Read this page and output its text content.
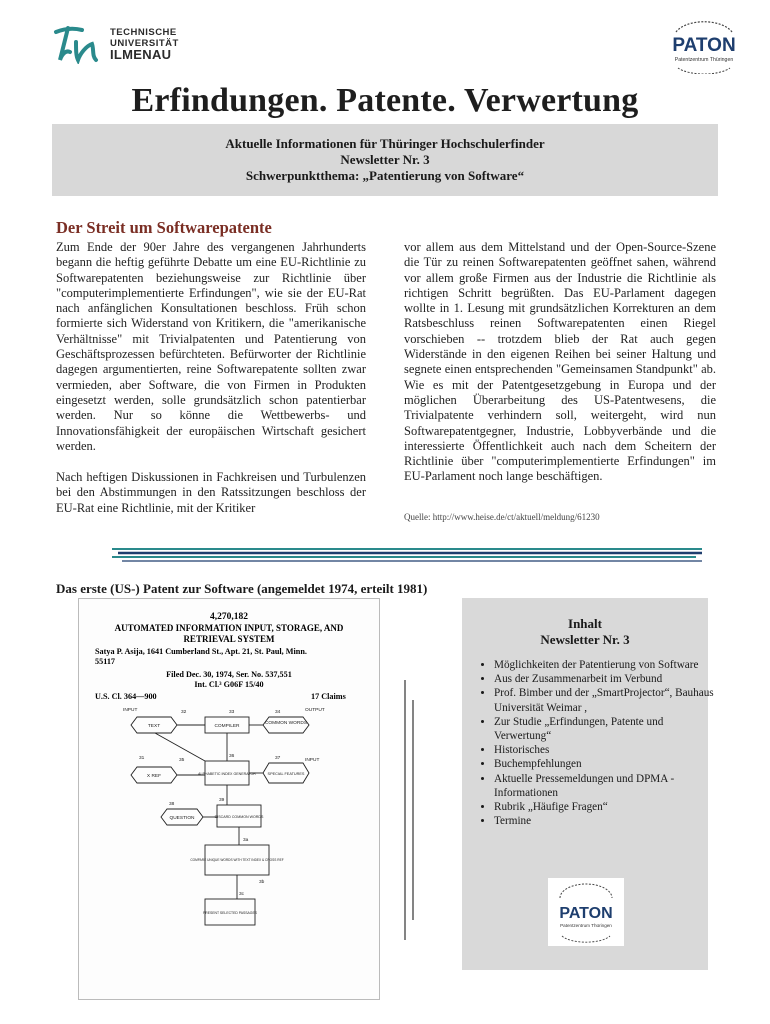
TECHNISCHE
UNIVERSITÄT
ILMENAU	PATON
Patentzentrum Thüringen
Erfindungen. Patente. Verwertung
Aktuelle Informationen für Thüringer Hochschulerfinder
Newsletter Nr. 3
Schwerpunktthema: „Patentierung von Software“
Der Streit um Softwarepatente

Zum Ende der 90er Jahre des vergangenen Jahrhunderts begann die heftig geführte Debatte um eine EU-Richtlinie zu Softwarepatenten beziehungsweise zur Richtlinie über "computerimplementierte Erfindungen", wie sie der EU-Rat nach anfänglichen Konsultationen beschloss. Früh schon formierte sich Widerstand von Kritikern, die "amerikanische Verhältnisse" mit Trivialpatenten und Patentierung von Geschäftsprozessen befürchteten. Befürworter der Richtlinie dagegen argumentierten, reine Softwarepatente sollten zwar vermieden, aber Software, die von Firmen in Produkten eingesetzt werden, solle grundsätzlich schon patentierbar werden. Nur so könne die Wettbewerbs- und Innovationsfähigkeit der europäischen Wirtschaft gesichert werden.

Nach heftigen Diskussionen in Fachkreisen und Turbulenzen bei den Abstimmungen in den Ratssitzungen beschloss der EU-Rat eine Richtlinie, mit der Kritiker

vor allem aus dem Mittelstand und der Open-Source-Szene die Tür zu reinen Softwarepatenten geöffnet sahen, während vor allem große Firmen aus der Industrie die Richtlinie als richtigen Schritt begrüßten. Das EU-Parlament dagegen wollte in 1. Lesung mit grundsätzlichen Korrekturen an dem Ratsbeschluss reinen Softwarepatenten einen Riegel vorschieben -- trotzdem blieb der Rat auch gegen Widerstände in den eigenen Reihen bei seiner Haltung und segnete einen entsprechenden "Gemeinsamen Standpunkt" ab. Wie es mit der Patentgesetzgebung in Europa und der möglichen Überarbeitung des US-Patentwesens, die Trivialpatente verhindern soll, weitergeht, wird nun Softwarepatentgegner, Industrie, Lobbyverbände und die interessierte Öffentlichkeit auch nach dem Scheitern der Richtlinie über "computerimplementierte Erfindungen" im EU-Parlament noch lange beschäftigen.

Quelle: http://www.heise.de/ct/aktuell/meldung/61230
Das erste (US-) Patent zur Software (angemeldet 1974, erteilt 1981)
4,270,182
AUTOMATED INFORMATION INPUT, STORAGE, AND
RETRIEVAL SYSTEM
Satya P. Asija, 1641 Cumberland St., Apt. 21, St. Paul, Minn.
55117
Filed Dec. 30, 1974, Ser. No. 537,551
Int. Cl.³ G06F 15/40
U.S. Cl. 364—900	17 Claims
TEXT	COMPILER
COMMON WORDS
X REF	ALPHABETIC INDEX GENERATOR	SPECIAL FEATURES
QUESTION	DISCARD COMMON WORDS
COMPARE UNIQUE WORDS WITH TEXT INDEX & CROSS REF
PRESENT SELECTED PASSAGES
INPUT	OUTPUT
INPUT
32	33	34
35
36	37
38
39
31
3a
3b
3c
Inhalt
Newsletter Nr. 3
• Möglichkeiten der Patentierung von Software
• Aus der Zusammenarbeit im Verbund
• Prof. Bimber und der „SmartProjector“, Bauhaus Universität Weimar ,
• Zur Studie „Erfindungen, Patente und Verwertung“
• Historisches
• Buchempfehlungen
• Aktuelle Pressemeldungen und DPMA - Informationen
• Rubrik „Häufige Fragen“
• Termine
PATON
Patentzentrum Thüringen
